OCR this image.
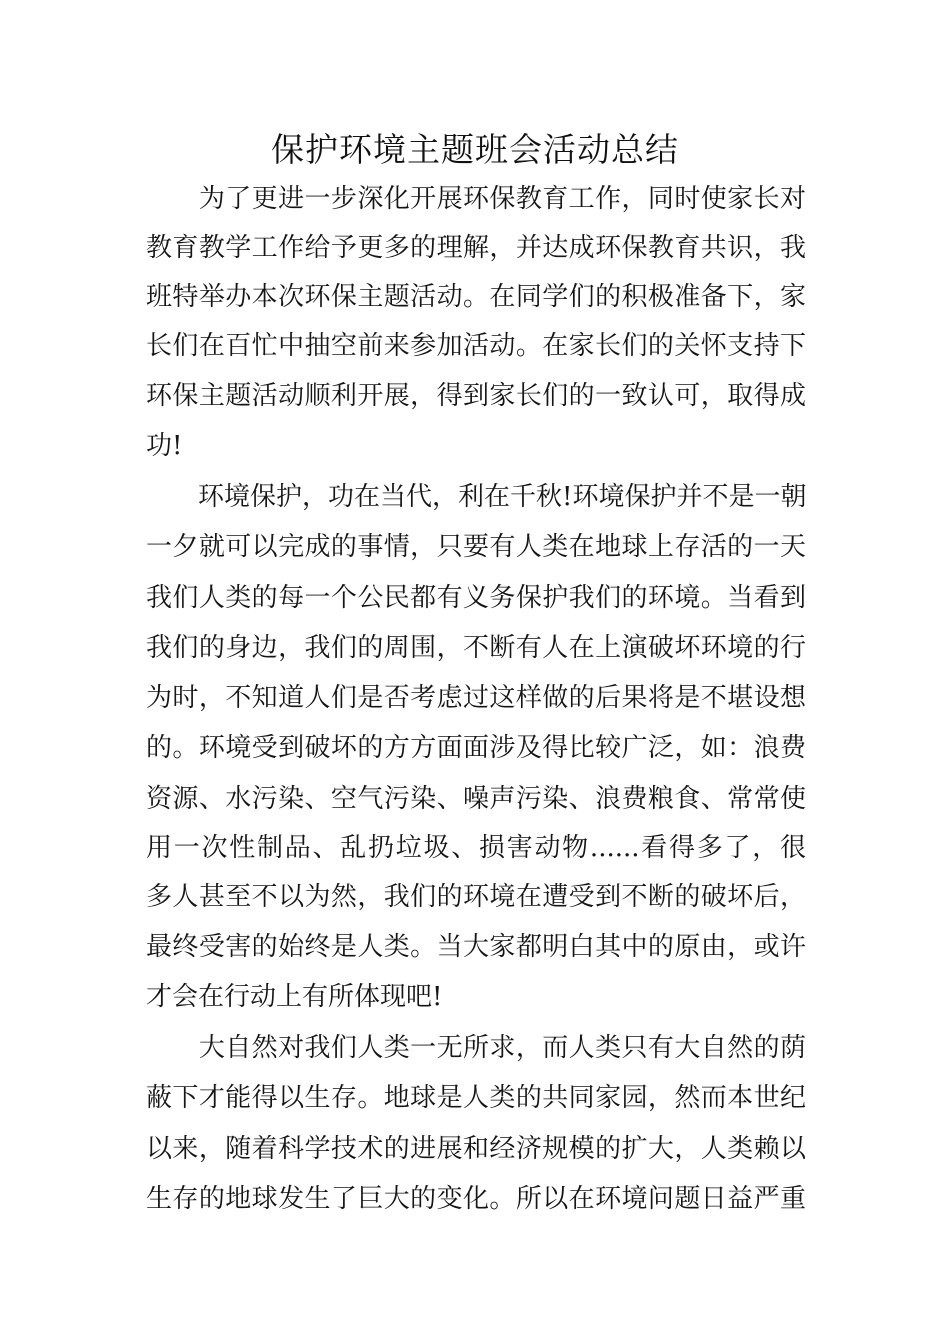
保护环境主题班会活动总结
　　为了更进一步深化开展环保教育工作，同时使家长对
教育教学工作给予更多的理解，并达成环保教育共识，我
班特举办本次环保主题活动。在同学们的积极准备下，家
长们在百忙中抽空前来参加活动。在家长们的关怀支持下
环保主题活动顺利开展，得到家长们的一致认可，取得成
功!
　　环境保护，功在当代，利在千秋!环境保护并不是一朝
一夕就可以完成的事情，只要有人类在地球上存活的一天
我们人类的每一个公民都有义务保护我们的环境。当看到
我们的身边，我们的周围，不断有人在上演破坏环境的行
为时，不知道人们是否考虑过这样做的后果将是不堪设想
的。环境受到破坏的方方面面涉及得比较广泛，如：浪费
资源、水污染、空气污染、噪声污染、浪费粮食、常常使
用一次性制品、乱扔垃圾、损害动物......看得多了，很
多人甚至不以为然，我们的环境在遭受到不断的破坏后，
最终受害的始终是人类。当大家都明白其中的原由，或许
才会在行动上有所体现吧!
　　大自然对我们人类一无所求，而人类只有大自然的荫
蔽下才能得以生存。地球是人类的共同家园，然而本世纪
以来，随着科学技术的进展和经济规模的扩大，人类赖以
生存的地球发生了巨大的变化。所以在环境问题日益严重
